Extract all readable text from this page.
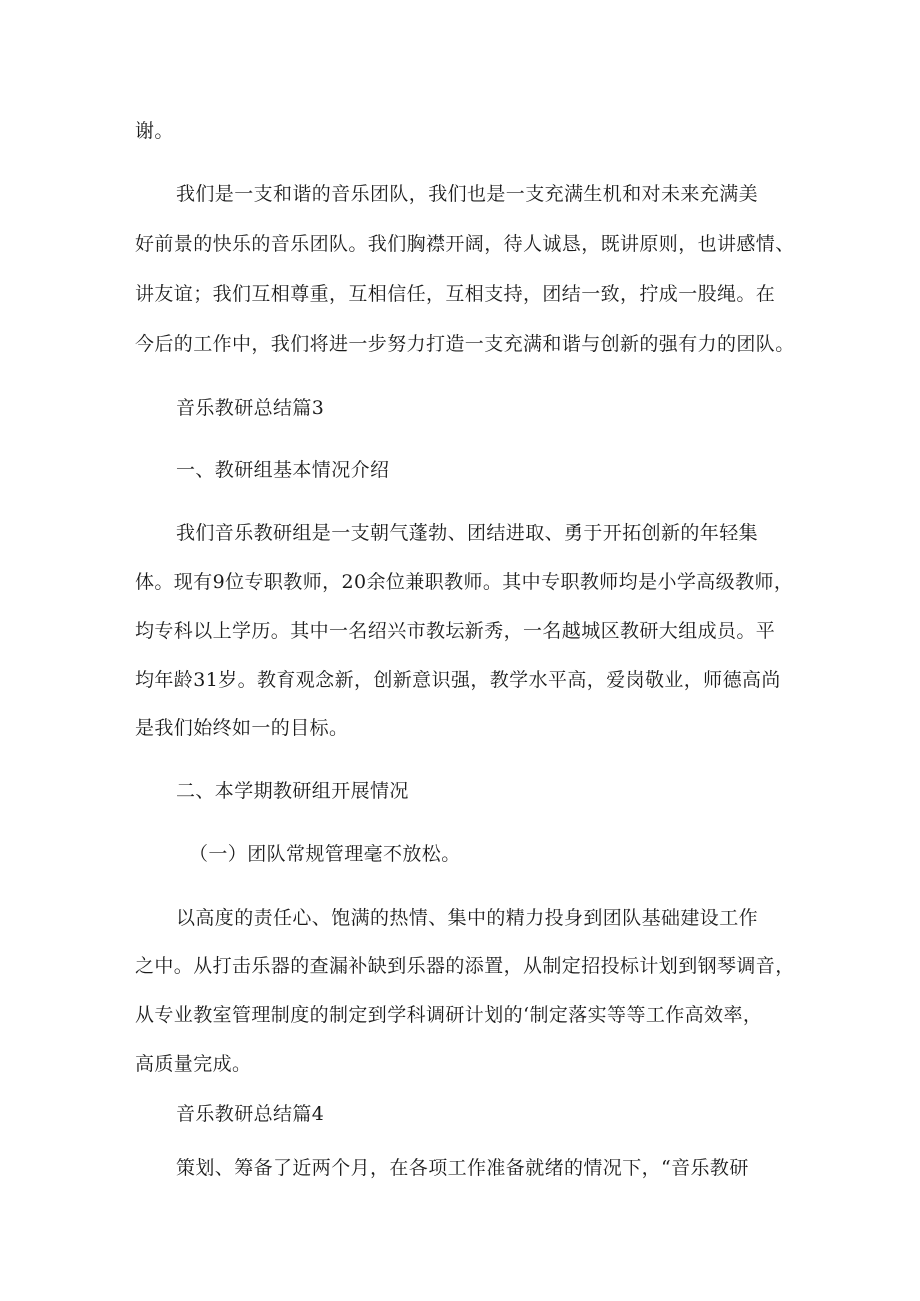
谢。
我们是一支和谐的音乐团队，我们也是一支充满生机和对未来充满美
好前景的快乐的音乐团队。我们胸襟开阔，待人诚恳，既讲原则，也讲感情、
讲友谊；我们互相尊重，互相信任，互相支持，团结一致，拧成一股绳。在
今后的工作中，我们将进一步努力打造一支充满和谐与创新的强有力的团队。
音乐教研总结篇3
一、教研组基本情况介绍
我们音乐教研组是一支朝气蓬勃、团结进取、勇于开拓创新的年轻集
体。现有9位专职教师，20余位兼职教师。其中专职教师均是小学高级教师，
均专科以上学历。其中一名绍兴市教坛新秀，一名越城区教研大组成员。平
均年龄31岁。教育观念新，创新意识强，教学水平高，爱岗敬业，师德高尚
是我们始终如一的目标。
二、本学期教研组开展情况
（一）团队常规管理毫不放松。
以高度的责任心、饱满的热情、集中的精力投身到团队基础建设工作
之中。从打击乐器的查漏补缺到乐器的添置，从制定招投标计划到钢琴调音，
从专业教室管理制度的制定到学科调研计划的‘制定落实等等工作高效率，
高质量完成。
音乐教研总结篇4
策划、筹备了近两个月，在各项工作准备就绪的情况下，“音乐教研
